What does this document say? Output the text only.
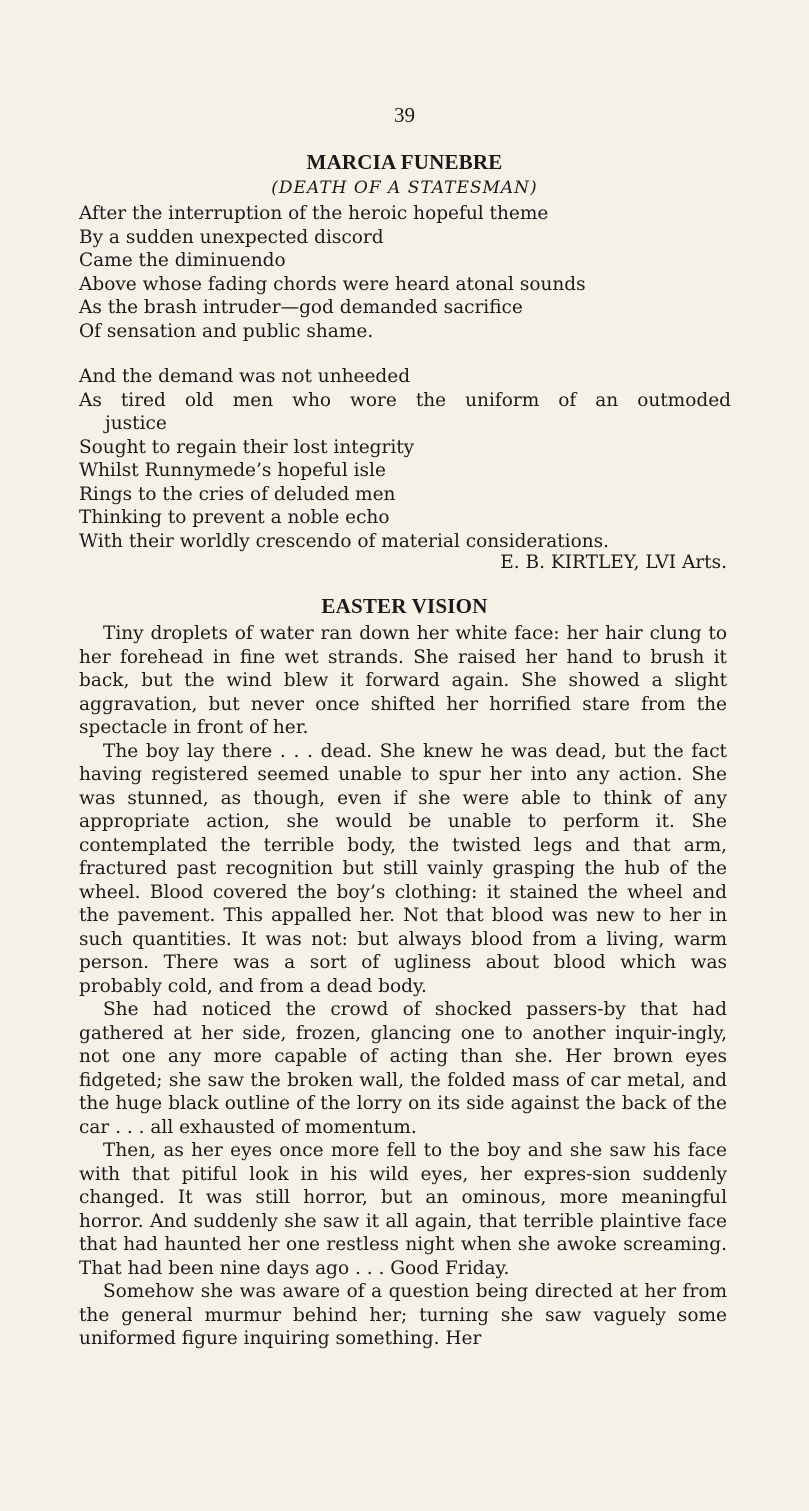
39
MARCIA FUNEBRE
(DEATH OF A STATESMAN)
After the interruption of the heroic hopeful theme
By a sudden unexpected discord
Came the diminuendo
Above whose fading chords were heard atonal sounds
As the brash intruder—god demanded sacrifice
Of sensation and public shame.
And the demand was not unheeded
As tired old men who wore the uniform of an outmoded
justice
Sought to regain their lost integrity
Whilst Runnymede’s hopeful isle
Rings to the cries of deluded men
Thinking to prevent a noble echo
With their worldly crescendo of material considerations.
E. B. KIRTLEY, LVI Arts.
EASTER VISION

Tiny droplets of water ran down her white face: her hair clung to her forehead in fine wet strands. She raised her hand to brush it back, but the wind blew it forward again. She showed a slight aggravation, but never once shifted her horrified stare from the spectacle in front of her.

The boy lay there . . . dead. She knew he was dead, but the fact having registered seemed unable to spur her into any action. She was stunned, as though, even if she were able to think of any appropriate action, she would be unable to perform it. She contemplated the terrible body, the twisted legs and that arm, fractured past recognition but still vainly grasping the hub of the wheel. Blood covered the boy’s clothing: it stained the wheel and the pavement. This appalled her. Not that blood was new to her in such quantities. It was not: but always blood from a living, warm person. There was a sort of ugliness about blood which was probably cold, and from a dead body.

She had noticed the crowd of shocked passers-by that had gathered at her side, frozen, glancing one to another inquir-ingly, not one any more capable of acting than she. Her brown eyes fidgeted; she saw the broken wall, the folded mass of car metal, and the huge black outline of the lorry on its side against the back of the car . . . all exhausted of momentum.

Then, as her eyes once more fell to the boy and she saw his face with that pitiful look in his wild eyes, her expres-sion suddenly changed. It was still horror, but an ominous, more meaningful horror. And suddenly she saw it all again, that terrible plaintive face that had haunted her one restless night when she awoke screaming. That had been nine days ago . . . Good Friday.

Somehow she was aware of a question being directed at her from the general murmur behind her; turning she saw vaguely some uniformed figure inquiring something. Her
